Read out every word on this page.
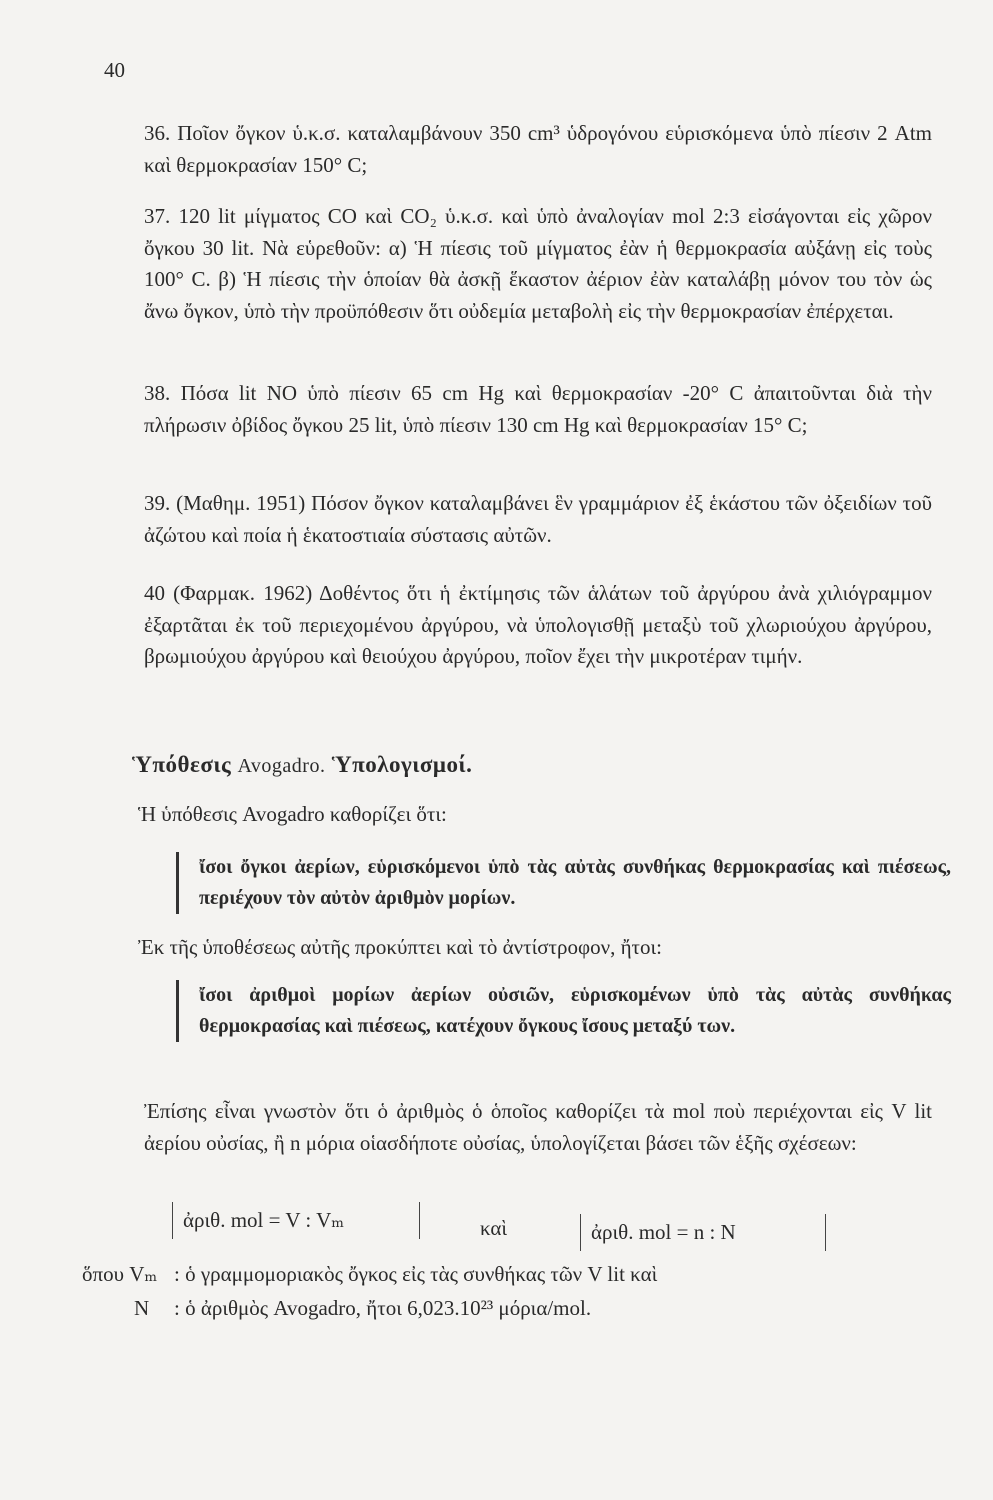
40
36. Ποῖον ὄγκον ὑ.κ.σ. καταλαμβάνουν 350 cm³ ὑδρογόνου εὑρισκόμενα ὑπὸ πίεσιν 2 Atm καὶ θερμοκρασίαν 150° C;
37. 120 lit μίγματος CO καὶ CO₂ ὑ.κ.σ. καὶ ὑπὸ ἀναλογίαν mol 2:3 εἰσάγονται εἰς χῶρον ὄγκου 30 lit. Νὰ εὑρεθοῦν: α) Ἡ πίεσις τοῦ μίγματος ἐὰν ἡ θερμοκρασία αὐξάνῃ εἰς τοὺς 100° C. β) Ἡ πίεσις τὴν ὁποίαν θὰ ἀσκῇ ἕκαστον ἀέριον ἐὰν καταλάβῃ μόνον του τὸν ὡς ἄνω ὄγκον, ὑπὸ τὴν προϋπόθεσιν ὅτι οὐδεμία μεταβολὴ εἰς τὴν θερμοκρασίαν ἐπέρχεται.
38. Πόσα lit NO ὑπὸ πίεσιν 65 cm Hg καὶ θερμοκρασίαν -20° C ἀπαιτοῦνται διὰ τὴν πλήρωσιν ὀβίδος ὄγκου 25 lit, ὑπὸ πίεσιν 130 cm Hg καὶ θερμοκρασίαν 15° C;
39. (Μαθημ. 1951) Πόσον ὄγκον καταλαμβάνει ἓν γραμμάριον ἐξ ἑκάστου τῶν ὀξειδίων τοῦ ἀζώτου καὶ ποία ἡ ἑκατοστιαία σύστασις αὐτῶν.
40 (Φαρμακ. 1962) Δοθέντος ὅτι ἡ ἐκτίμησις τῶν ἁλάτων τοῦ ἀργύρου ἀνὰ χιλιόγραμμον ἐξαρτᾶται ἐκ τοῦ περιεχομένου ἀργύρου, νὰ ὑπολογισθῇ μεταξὺ τοῦ χλωριούχου ἀργύρου, βρωμιούχου ἀργύρου καὶ θειούχου ἀργύρου, ποῖον ἔχει τὴν μικροτέραν τιμήν.
Ὑπόθεσις Avogadro. Ὑπολογισμοί.
Ἡ ὑπόθεσις Avogadro καθορίζει ὅτι:
ἴσοι ὄγκοι ἀερίων, εὑρισκόμενοι ὑπὸ τὰς αὐτὰς συνθήκας θερμοκρασίας καὶ πιέσεως, περιέχουν τὸν αὐτὸν ἀριθμὸν μορίων.
Ἐκ τῆς ὑποθέσεως αὐτῆς προκύπτει καὶ τὸ ἀντίστροφον, ἤτοι:
ἴσοι ἀριθμοὶ μορίων ἀερίων οὐσιῶν, εὑρισκομένων ὑπὸ τὰς αὐτὰς συνθήκας θερμοκρασίας καὶ πιέσεως, κατέχουν ὄγκους ἴσους μεταξύ των.
Ἐπίσης εἶναι γνωστὸν ὅτι ὁ ἀριθμὸς ὁ ὁποῖος καθορίζει τὰ mol ποὺ περιέχονται εἰς V lit ἀερίου οὐσίας, ἢ n μόρια οἱασδήποτε οὐσίας, ὑπολογίζεται βάσει τῶν ἑξῆς σχέσεων:
ἀριθ. mol = V : Vₘ	καὶ	ἀριθ. mol = n : N
ὅπου Vₘ : ὁ γραμμομοριακὸς ὄγκος εἰς τὰς συνθήκας τῶν V lit καὶ
N : ὁ ἀριθμὸς Avogadro, ἤτοι 6,023.10²³ μόρια/mol.
